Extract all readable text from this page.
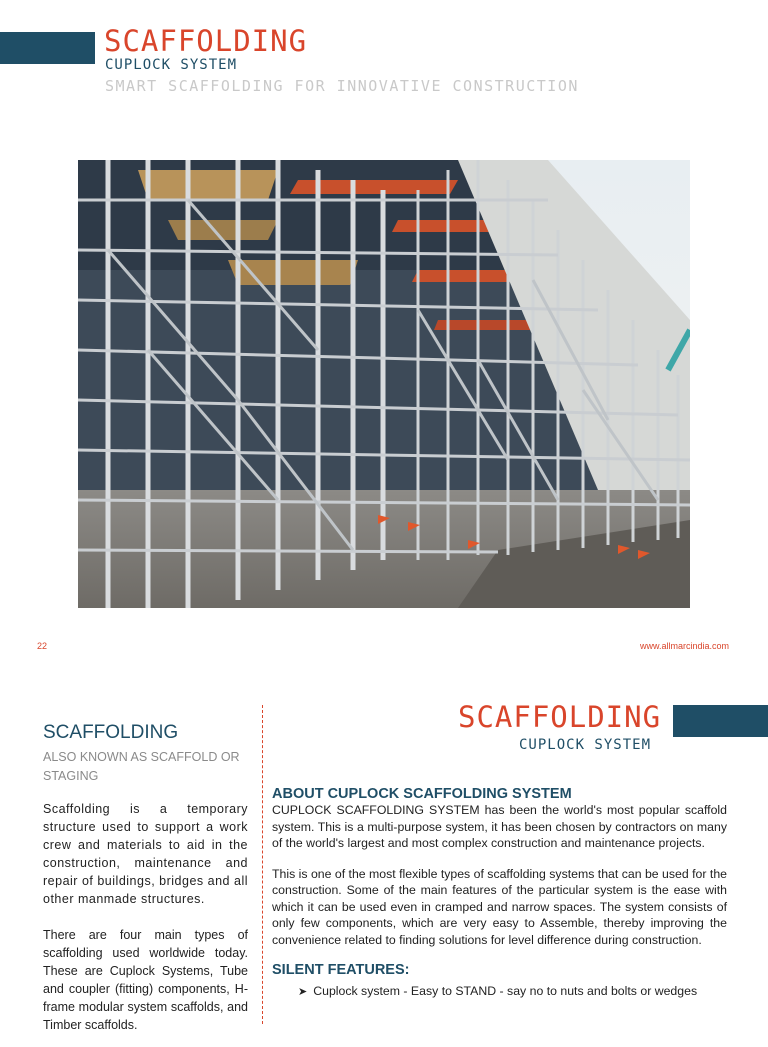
SCAFFOLDING
CUPLOCK SYSTEM
SMART SCAFFOLDING FOR INNOVATIVE CONSTRUCTION
22	www.allmarcindia.com
SCAFFOLDING
CUPLOCK SYSTEM
SCAFFOLDING
ALSO KNOWN AS SCAFFOLD OR STAGING

Scaffolding is a temporary structure used to support a work crew and materials to aid in the construction, maintenance and repair of buildings, bridges and all other manmade structures.

There are four main types of scaffolding used worldwide today. These are Cuplock Systems, Tube and coupler (fitting) components, H-frame modular system scaffolds, and Timber scaffolds.

ABOUT CUPLOCK SCAFFOLDING SYSTEM

CUPLOCK SCAFFOLDING SYSTEM has been the world's most popular scaffold system. This is a multi-purpose system, it has been chosen by contractors on many of the world's largest and most complex construction and maintenance projects.

This is one of the most flexible types of scaffolding systems that can be used for the construction. Some of the main features of the particular system is the ease with which it can be used even in cramped and narrow spaces. The system consists of only few components, which are very easy to Assemble, thereby improving the convenience related to finding solutions for level difference during construction.

SILENT FEATURES:
➤ Cuplock system - Easy to STAND - say no to nuts and bolts or wedges
